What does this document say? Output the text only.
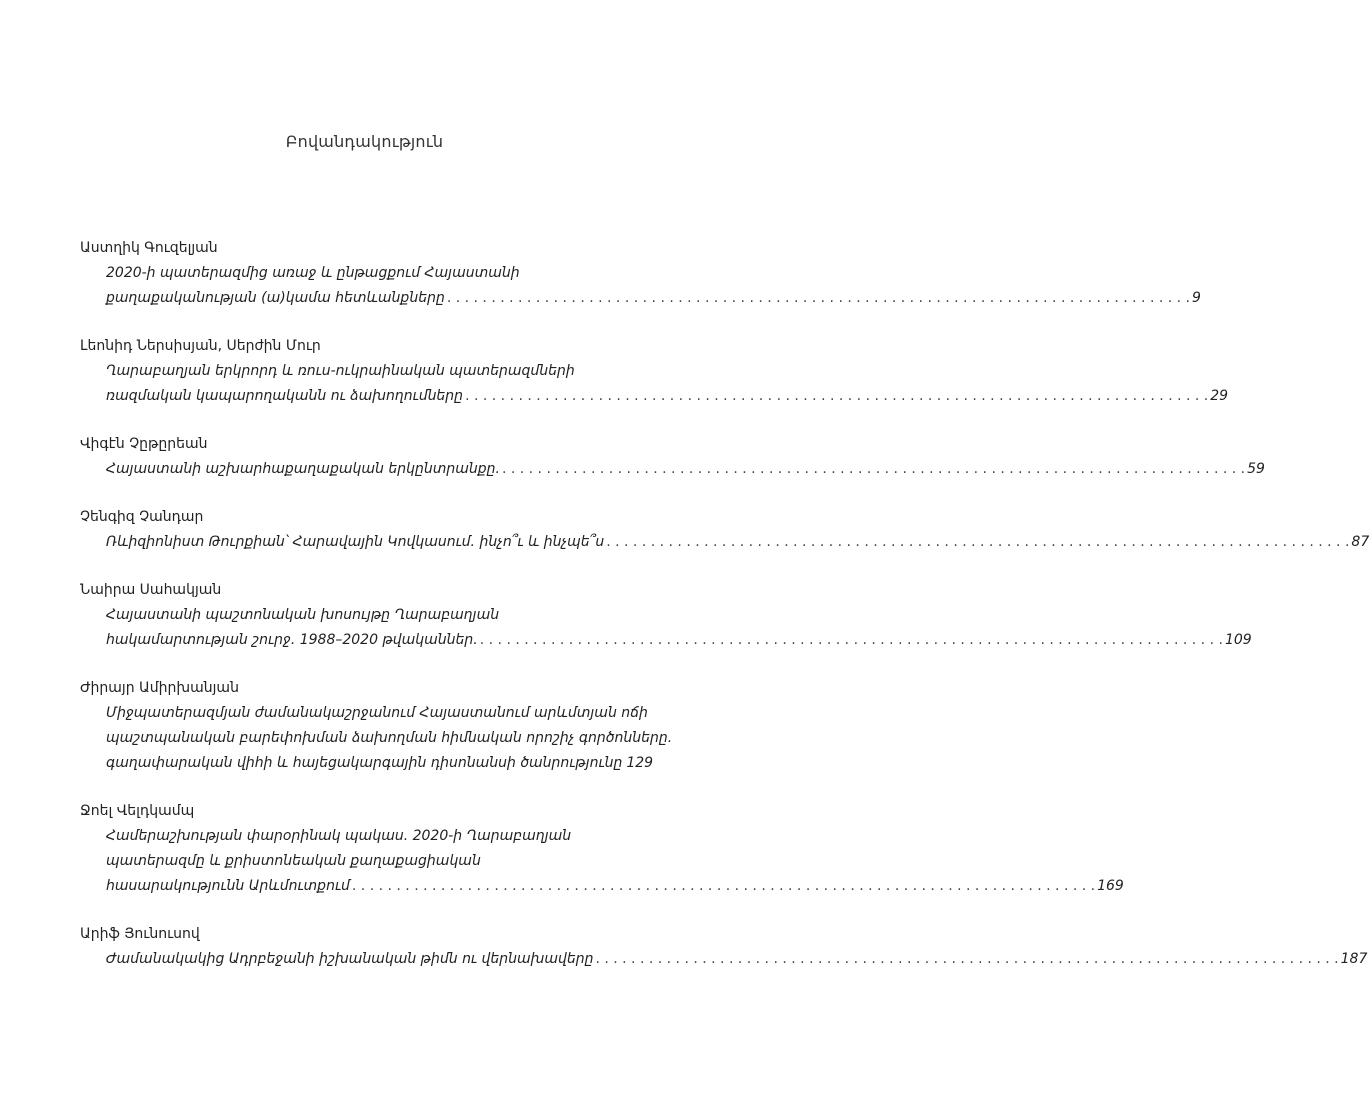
Բովանդակություն
Աստղիկ Գուզելյան
2020-ի պատերազմից առաջ և ընթացքում Հայաստանի
քաղաքականության (ա)կամա հետևանքները . . .	9
Լեոնիդ Ներսիսյան, Սերժին Մուր
Ղարաբաղյան երկրորդ և ռուս-ուկրաինական պատերազմների
ռազմական կապարողականն ու ձախողումները . . .	29
Վիգէն Չըթըրեան
Հայաստանի աշխարհաքաղաքական երկընտրանքը. . . .	59
Չենգիզ Չանդար
Ռևիզիոնիստ Թուրքիան՝ Հարավային Կովկասում. ինչո՞ւ և ինչպե՞ս . . .	87
Նաիրա Սահակյան
Հայաստանի պաշտոնական խոսույթը Ղարաբաղյան
հակամարտության շուրջ. 1988–2020 թվականներ. . . .	109
Ժիրայր Ամիրխանյան
Միջպատերազմյան ժամանակաշրջանում Հայաստանում արևմտյան ոճի
պաշտպանական բարեփոխման ձախողման հիմնական որոշիչ գործոնները.
գաղափարական վիհի և հայեցակարգային դիսոնանսի ծանրությունը 129
Ջոել Վելդկամպ
Համերաշխության փարօրինակ պակաս. 2020-ի Ղարաբաղյան
պատերազմը և քրիստոնեական քաղաքացիական
հասարակությունն Արևմուտքում . . .	169
Արիֆ Յունուսով
Ժամանակակից Ադրբեջանի իշխանական թիմն ու վերնախավերը . . .	187
